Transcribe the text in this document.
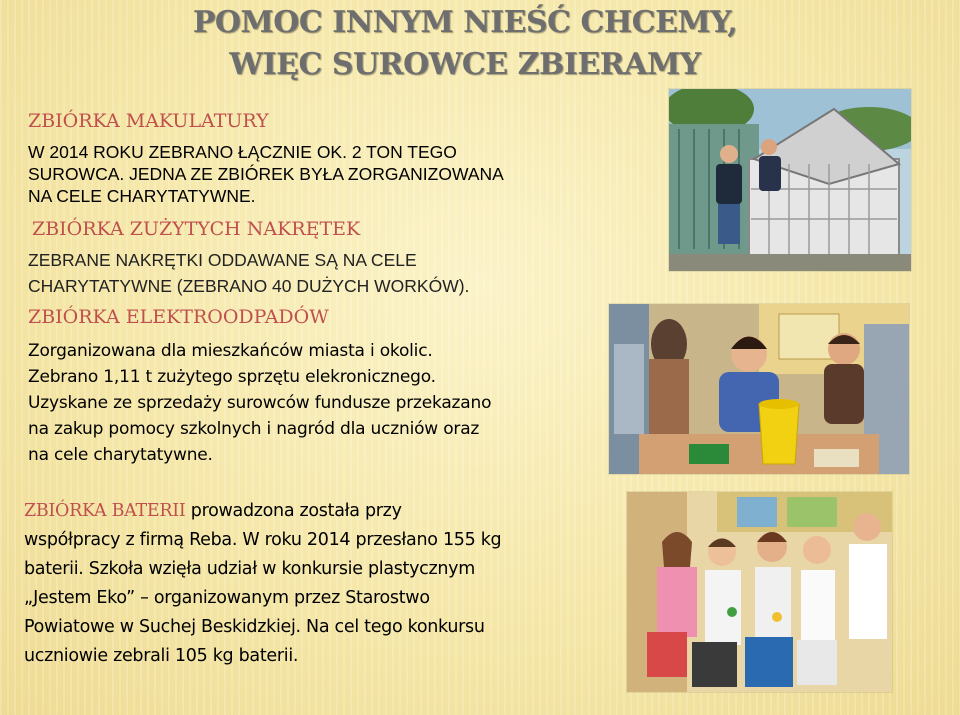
POMOC INNYM NIEŚĆ CHCEMY,
WIĘC SUROWCE ZBIERAMY
ZBIÓRKA MAKULATURY
W 2014 ROKU ZEBRANO ŁĄCZNIE OK. 2 TON TEGO
SUROWCA. JEDNA ZE ZBIÓREK BYŁA ZORGANIZOWANA
NA CELE CHARYTATYWNE.
ZBIÓRKA ZUŻYTYCH NAKRĘTEK
ZEBRANE NAKRĘTKI ODDAWANE SĄ NA CELE
CHARYTATYWNE (ZEBRANO 40 DUŻYCH WORKÓW).
ZBIÓRKA ELEKTROODPADÓW
Zorganizowana dla mieszkańców miasta i okolic.
Zebrano 1,11 t zużytego sprzętu elekronicznego.
Uzyskane ze sprzedaży surowców fundusze przekazano
na zakup pomocy szkolnych i nagród dla uczniów oraz
na cele charytatywne.
ZBIÓRKA BATERII prowadzona została przy
współpracy z firmą Reba. W roku 2014 przesłano 155 kg
baterii. Szkoła wzięła udział w konkursie plastycznym
„Jestem Eko” – organizowanym przez Starostwo
Powiatowe w Suchej Beskidzkiej. Na cel tego konkursu
uczniowie zebrali 105 kg baterii.
